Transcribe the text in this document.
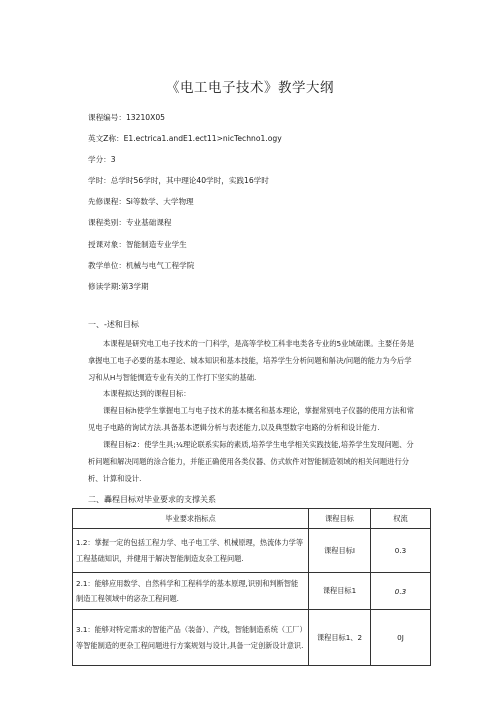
《电工电子技术》教学大纲
课程编号：13210X05
英文Z称：E1.ectrica1.andE1.ect11>nicTechno1.ogy
学分：3
学时：总学时56学时，其中理论40学时，实践16学时
先修课程：Si等数学、大学物理
课程类别：专业基础课程
授课对象：智能制造专业学生
教学单位：机械与电气工程学院
修读学期:第3学期
一、-述和目标
本课程是研究电工电子技术的一门科学，是高等学校工科非电类各专业的5业域础课。主要任务是拿握电工电子必要的基本理论、城本知识和基本技能，培养学生分析问题和斛决/问题的能力为今后学习和从H与智能惆造专业有关的工作打下坚实的基础.
本课程拟达到的课程目标：
课程目标h使学生掌握电工与电子技术的基本概名和基本理论，掌握常别电子仪器的使用方法和常见电子电路的询试方法.具备基本逻辑分析与表述能力,以及典型数字电路的分析和设计能力.
课程目标2：使学生具;¼理论联系实际的素质,培养学生电学相关实践技能,培养学生发现问题、分析问题和解决同题的涂合能力，并能正确使用各类仪器、仿式软件对智能制造领域的相关问题进行分析、计算和设计.
二、轟程目标对毕业要求的支撑关系
毕业要求指标点	课程目标	权流
1.2：掌握一定的包括工程力学、电子电工学、机械原理，热流体力学等工程基础知识，并健用于解决智能制造友杂工程问题.	课程目标I	0.3
2.1：能够应用数学、自然科学和工程科学的基本原理,识别和判断智能制造工程领域中的宓杂工程问题.	课程目标1	0.3
3.1：能够对特定需求的智能产品（装备）、产线，智能制造系统（工厂）等智能制造的更杂工程问题进行方案规划与设计,具备一定创新设计意识.	课程目标1、2	0J
